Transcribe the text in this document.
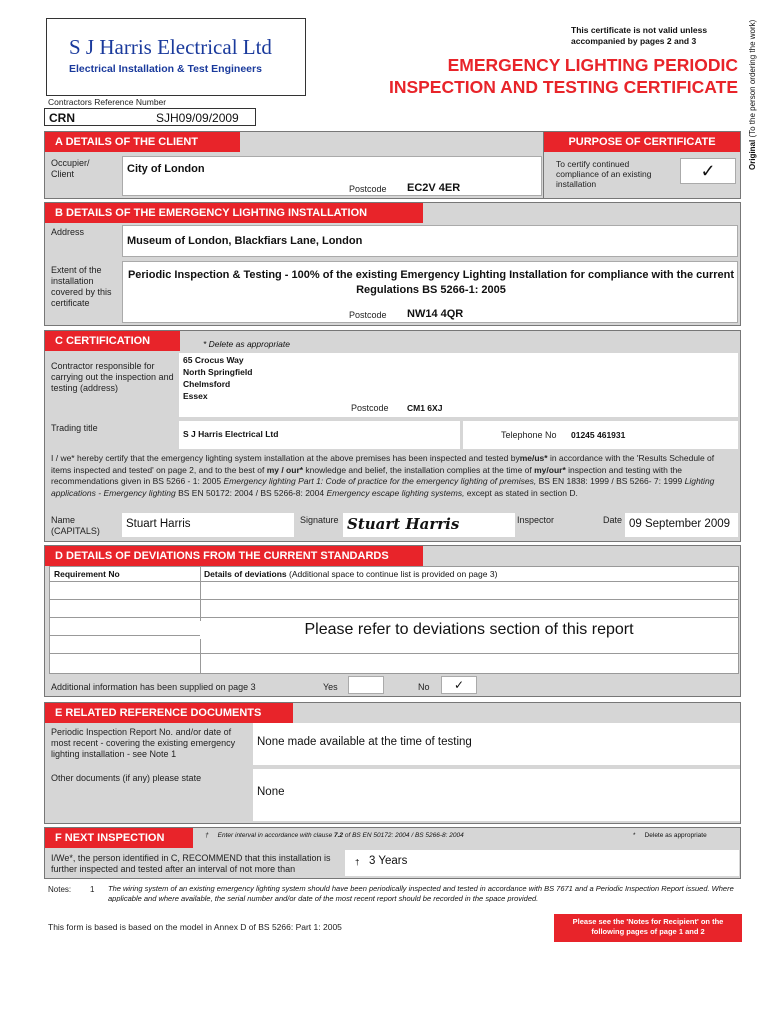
S J Harris Electrical Ltd
Electrical Installation & Test Engineers
This certificate is not valid unless
accompanied by pages 2 and 3
EMERGENCY LIGHTING PERIODIC
INSPECTION AND TESTING CERTIFICATE
Original (To the person ordering the work)
Contractors Reference Number
CRN	SJH09/09/2009
A DETAILS OF THE CLIENT
Occupier/
Client	City of London
Postcode EC2V 4ER
PURPOSE OF CERTIFICATE
To certify continued compliance of an existing installation
✓
B DETAILS OF THE EMERGENCY LIGHTING INSTALLATION
Address
Museum of London, Blackfiars Lane, London
Extent of the installation covered by this certificate
Periodic Inspection & Testing - 100% of the existing Emergency Lighting Installation for compliance with the current Regulations BS 5266-1: 2005
Postcode NW14 4QR
C CERTIFICATION	* Delete as appropriate
Contractor responsible for carrying out the inspection and testing (address)
65 Crocus Way
North Springfield
Chelmsford
Essex
Postcode CM1 6XJ
Trading title
S J Harris Electrical Ltd	Telephone No 01245 461931
I / we* hereby certify that the emergency lighting system installation at the above premises has been inspected and tested byme/us* in accordance with the 'Results Schedule of items inspected and tested' on page 2, and to the best of my / our* knowledge and belief, the installation complies at the time of my/our* inspection and testing with the recommendations given in BS 5266 - 1: 2005 Emergency lighting Part 1: Code of practice for the emergency lighting of premises, BS EN 1838: 1999 / BS 5266- 7: 1999 Lighting applications - Emergency lighting BS EN 50172: 2004 / BS 5266-8: 2004 Emergency escape lighting systems, except as stated in section D.
Name
(CAPITALS)
Stuart Harris	Signature Stuart Harris	Inspector	Date 09 September 2009
D DETAILS OF DEVIATIONS FROM THE CURRENT STANDARDS
Requirement No	Details of deviations (Additional space to continue list is provided on page 3)
Please refer to deviations section of this report
Additional information has been supplied on page 3	Yes	No	✓
E RELATED REFERENCE DOCUMENTS
Periodic Inspection Report No. and/or date of most recent - covering the existing emergency lighting installation - see Note 1
None made available at the time of testing
Other documents (if any) please state
None
F NEXT INSPECTION	†     Enter interval in accordance with clause 7.2 of BS EN 50172: 2004 / BS 5266-8: 2004	*     Delete as appropriate
I/We*, the person identified in C, RECOMMEND that this installation is further inspected and tested after an interval of not more than
† 3 Years
Notes: 1 The wiring system of an existing emergency lighting system should have been periodically inspected and tested in accordance with BS 7671 and a Periodic Inspection Report issued. Where applicable and where available, the serial number and/or date of the most recent report should be recorded in the space provided.
This form is based is based on the model in Annex D of BS 5266: Part 1: 2005
Please see the 'Notes for Recipient' on the following pages of page 1 and 2
